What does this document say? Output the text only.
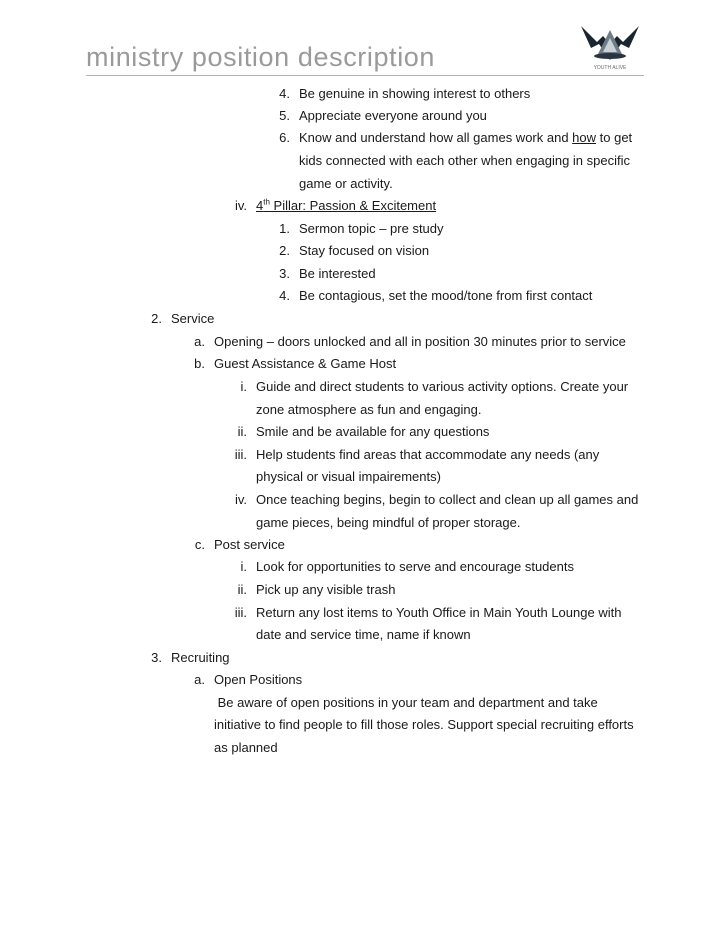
ministry position description	YOUTH ALIVE
4. Be genuine in showing interest to others
5. Appreciate everyone around you
6. Know and understand how all games work and how to get
kids connected with each other when engaging in specific
game or activity.
iv. 4th Pillar: Passion & Excitement
1. Sermon topic – pre study
2. Stay focused on vision
3. Be interested
4. Be contagious, set the mood/tone from first contact
2. Service
a. Opening – doors unlocked and all in position 30 minutes prior to service
b. Guest Assistance & Game Host
i. Guide and direct students to various activity options. Create your
zone atmosphere as fun and engaging.
ii. Smile and be available for any questions
iii. Help students find areas that accommodate any needs (any
physical or visual impairements)
iv. Once teaching begins, begin to collect and clean up all games and
game pieces, being mindful of proper storage.
c. Post service
i. Look for opportunities to serve and encourage students
ii. Pick up any visible trash
iii. Return any lost items to Youth Office in Main Youth Lounge with
date and service time, name if known
3. Recruiting
a. Open Positions
Be aware of open positions in your team and department and take
initiative to find people to fill those roles. Support special recruiting efforts
as planned
